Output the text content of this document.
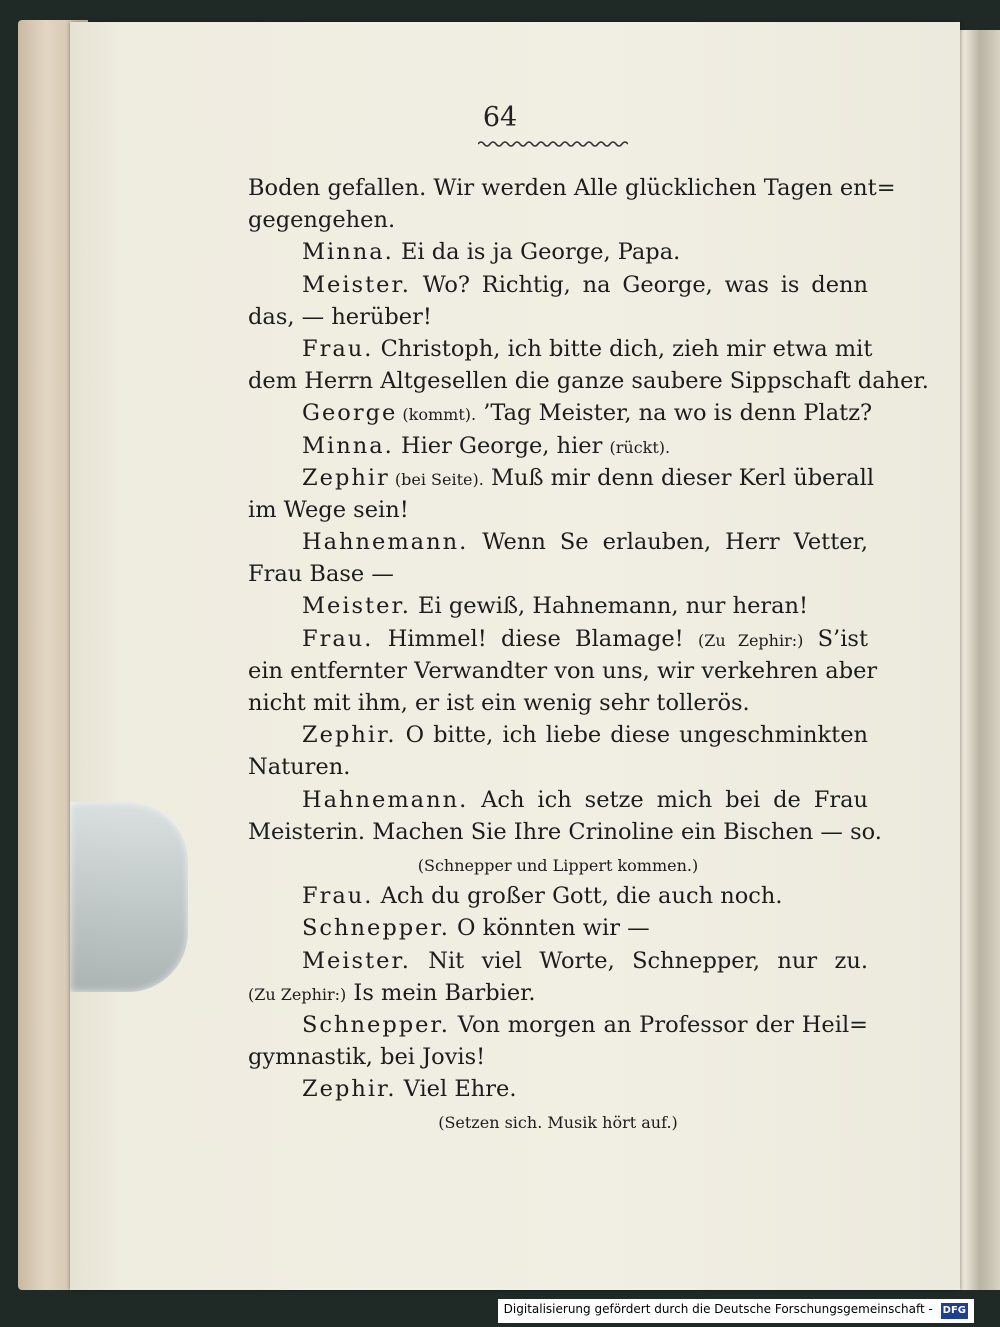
64
Boden gefallen. Wir werden Alle glücklichen Tagen ent=
gegengehen.
Minna. Ei da is ja George, Papa.
Meister. Wo? Richtig, na George, was is denn
das, — herüber!
Frau. Christoph, ich bitte dich, zieh mir etwa mit
dem Herrn Altgesellen die ganze saubere Sippschaft daher.
George (kommt). ’Tag Meister, na wo is denn Platz?
Minna. Hier George, hier (rückt).
Zephir (bei Seite). Muß mir denn dieser Kerl überall
im Wege sein!
Hahnemann. Wenn Se erlauben, Herr Vetter,
Frau Base —
Meister. Ei gewiß, Hahnemann, nur heran!
Frau. Himmel! diese Blamage! (Zu Zephir:) S’ist
ein entfernter Verwandter von uns, wir verkehren aber
nicht mit ihm, er ist ein wenig sehr tollerös.
Zephir. O bitte, ich liebe diese ungeschminkten
Naturen.
Hahnemann. Ach ich setze mich bei de Frau
Meisterin. Machen Sie Ihre Crinoline ein Bischen — so.
(Schnepper und Lippert kommen.)
Frau. Ach du großer Gott, die auch noch.
Schnepper. O könnten wir —
Meister. Nit viel Worte, Schnepper, nur zu.
(Zu Zephir:) Is mein Barbier.
Schnepper. Von morgen an Professor der Heil=
gymnastik, bei Jovis!
Zephir. Viel Ehre.
(Setzen sich. Musik hört auf.)
Digitalisierung gefördert durch die Deutsche Forschungsgemeinschaft - DFG
